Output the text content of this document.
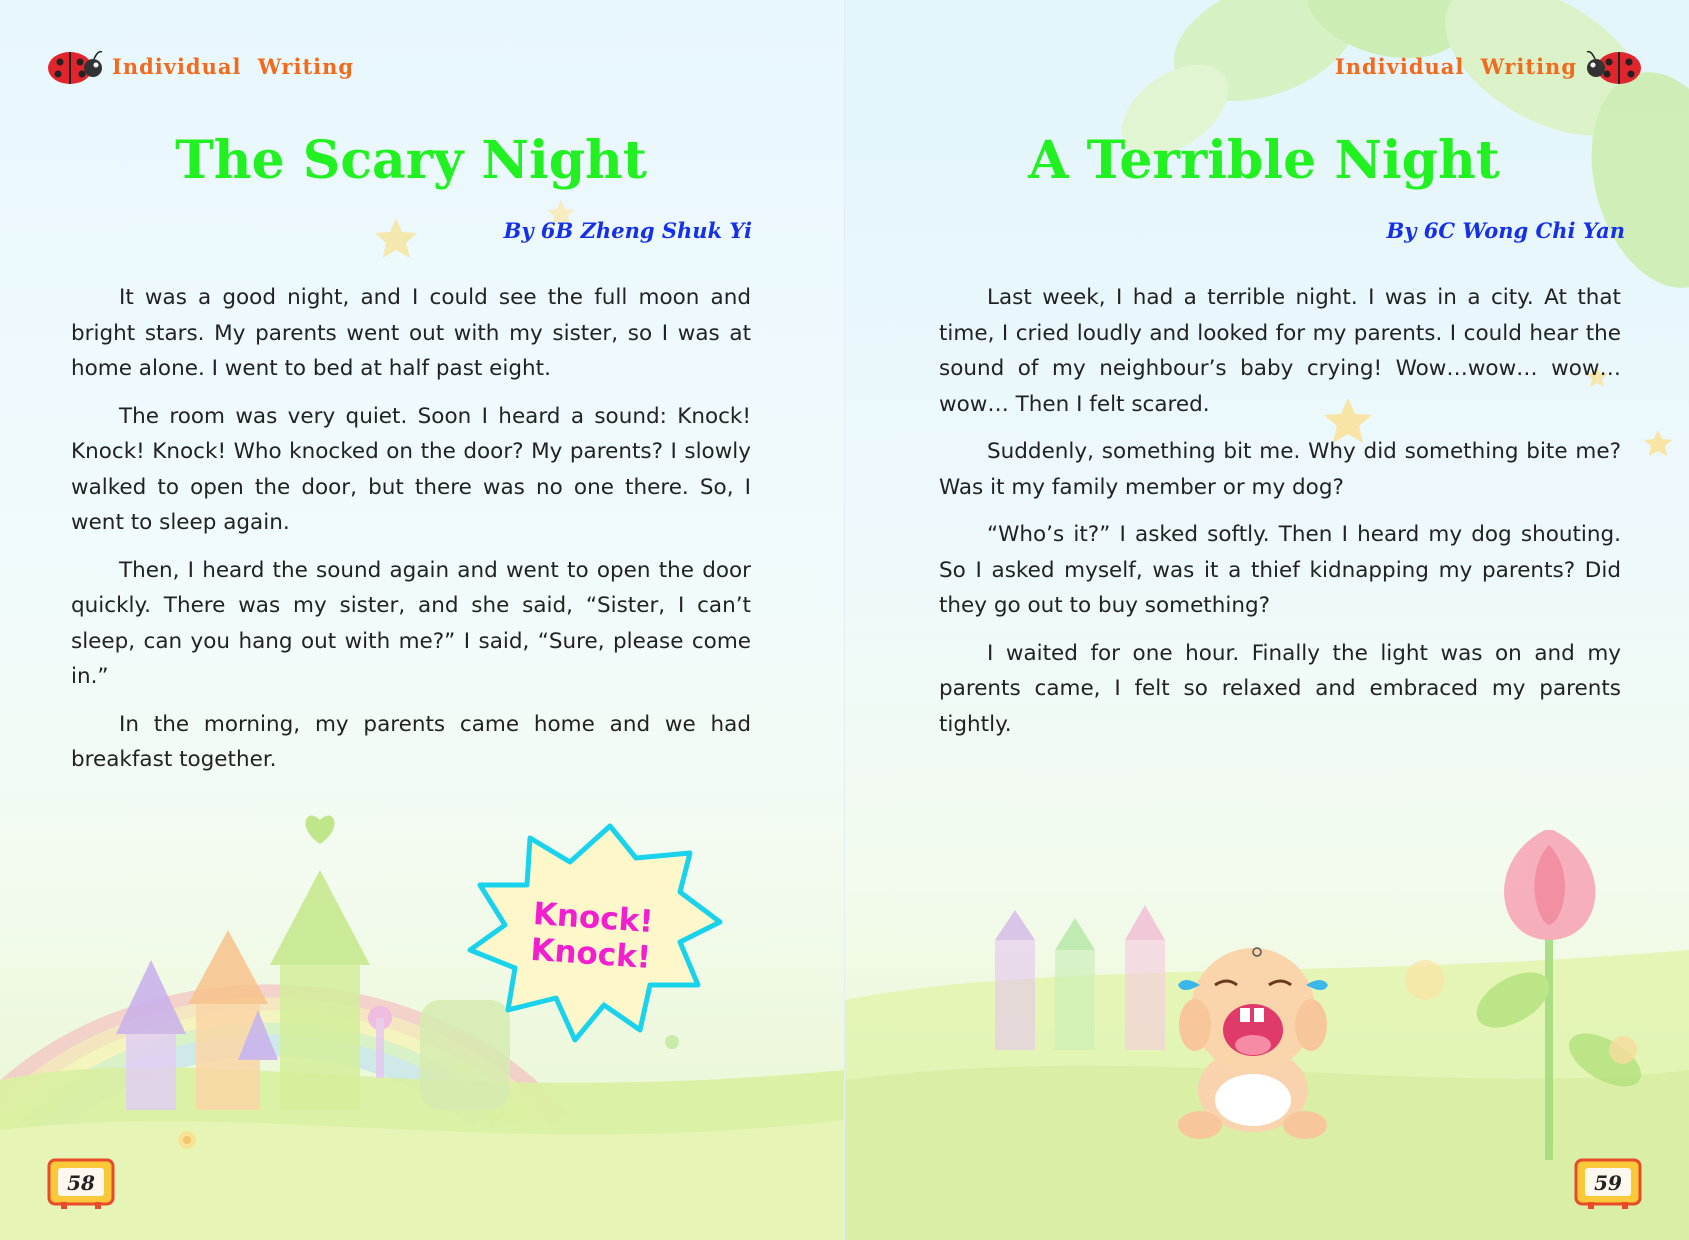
Individual Writing
The Scary Night
By 6B Zheng Shuk Yi

It was a good night, and I could see the full moon and bright stars. My parents went out with my sister, so I was at home alone. I went to bed at half past eight.

The room was very quiet. Soon I heard a sound: Knock! Knock! Knock! Who knocked on the door? My parents? I slowly walked to open the door, but there was no one there. So, I went to sleep again.

Then, I heard the sound again and went to open the door quickly. There was my sister, and she said, “Sister, I can’t sleep, can you hang out with me?” I said, “Sure, please come in.”

In the morning, my parents came home and we had breakfast together.

Knock!
Knock!
58
Individual Writing
A Terrible Night
By 6C Wong Chi Yan

Last week, I had a terrible night. I was in a city. At that time, I cried loudly and looked for my parents. I could hear the sound of my neighbour’s baby crying! Wow…wow… wow…wow… Then I felt scared.

Suddenly, something bit me. Why did something bite me? Was it my family member or my dog?

“Who’s it?” I asked softly. Then I heard my dog shouting. So I asked myself, was it a thief kidnapping my parents? Did they go out to buy something?

I waited for one hour. Finally the light was on and my parents came, I felt so relaxed and embraced my parents tightly.

59
